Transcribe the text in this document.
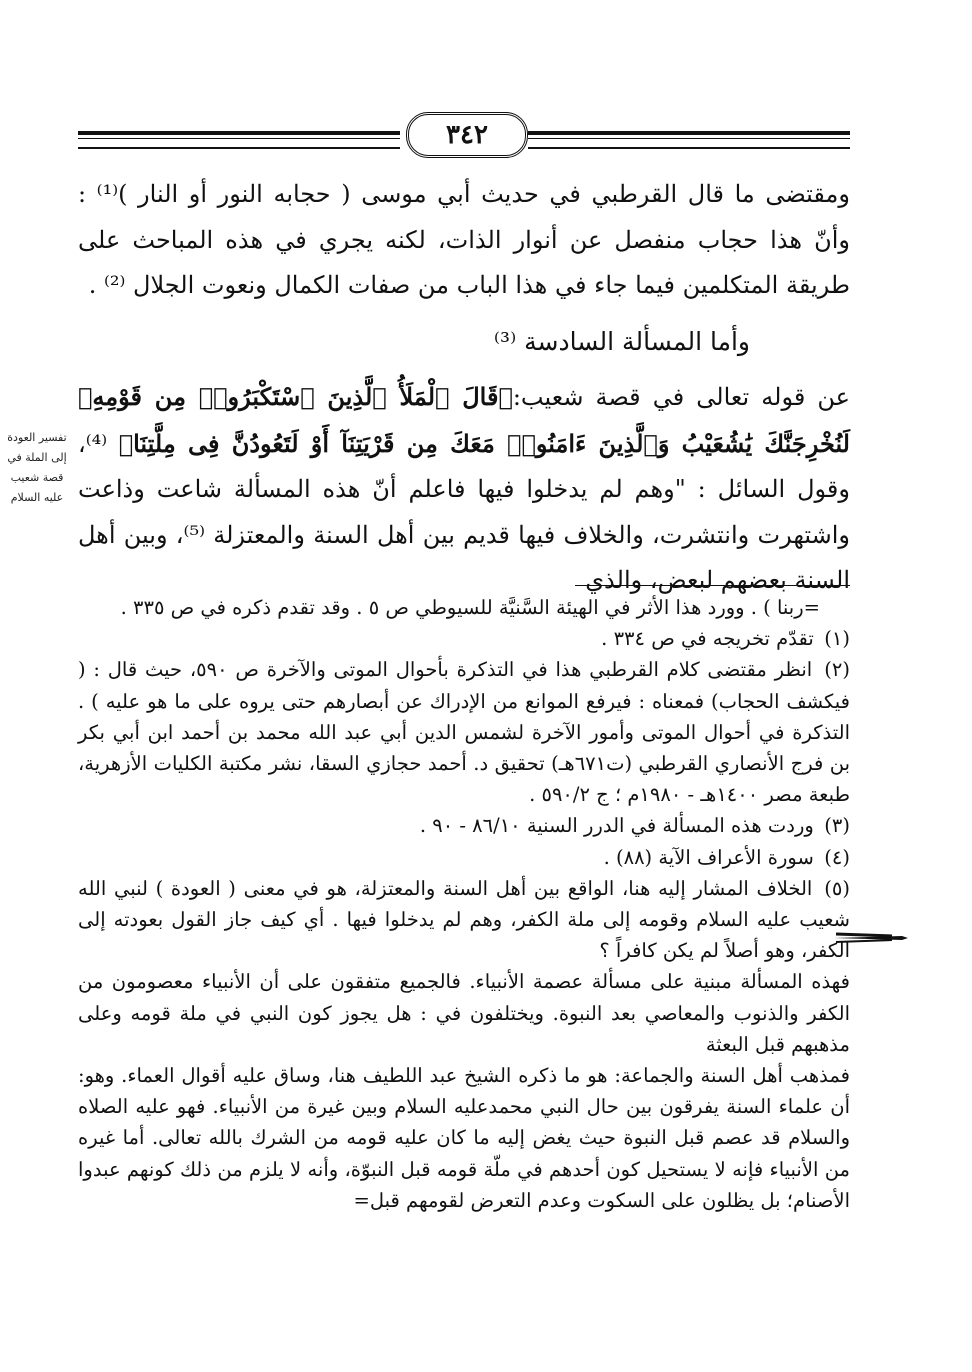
٣٤٢

ومقتضى ما قال القرطبي في حديث أبي موسى ( حجابه النور أو النار )⁽¹⁾ : وأنّ هذا حجاب منفصل عن أنوار الذات، لكنه يجري في هذه المباحث على طريقة المتكلمين فيما جاء في هذا الباب من صفات الكمال ونعوت الجلال ⁽²⁾ .

وأما المسألة السادسة ⁽³⁾

عن قوله تعالى في قصة شعيب:﴿قَالَ ٱلْمَلَأُ ٱلَّذِينَ ٱسْتَكْبَرُوا۟ مِن قَوْمِهِۦ لَنُخْرِجَنَّكَ يَٰشُعَيْبُ وَٱلَّذِينَ ءَامَنُوا۟ مَعَكَ مِن قَرْيَتِنَآ أَوْ لَتَعُودُنَّ فِى مِلَّتِنَا﴾ ⁽⁴⁾، وقول السائل : "وهم لم يدخلوا فيها فاعلم أنّ هذه المسألة شاعت وذاعت واشتهرت وانتشرت، والخلاف فيها قديم بين أهل السنة والمعتزلة ⁽⁵⁾، وبين أهل السنة بعضهم لبعض، والذي

تفسير العودة إلى الملة في قصة شعيب عليه السلام

=ربنا ) . وورد هذا الأثر في الهيئة السَّنيَّة للسيوطي ص ٥ . وقد تقدم ذكره في ص ٣٣٥ .

(١) تقدّم تخريجه في ص ٣٣٤ .

(٢) انظر مقتضى كلام القرطبي هذا في التذكرة بأحوال الموتى والآخرة ص ٥٩٠، حيث قال : ( فيكشف الحجاب) فمعناه : فيرفع الموانع من الإدراك عن أبصارهم حتى يروه على ما هو عليه ) . التذكرة في أحوال الموتى وأمور الآخرة لشمس الدين أبي عبد الله محمد بن أحمد ابن أبي بكر بن فرج الأنصاري القرطبي (ت٦٧١هـ) تحقيق د. أحمد حجازي السقا، نشر مكتبة الكليات الأزهرية، طبعة مصر ١٤٠٠هـ - ١٩٨٠م ؛ ج ٥٩٠/٢ .

(٣) وردت هذه المسألة في الدرر السنية ٨٦/١٠ - ٩٠ .

(٤) سورة الأعراف الآية (٨٨) .

(٥) الخلاف المشار إليه هنا، الواقع بين أهل السنة والمعتزلة، هو في معنى ( العودة ) لنبي الله شعيب عليه السلام وقومه إلى ملة الكفر، وهم لم يدخلوا فيها . أي كيف جاز القول بعودته إلى الكفر، وهو أصلاً لم يكن كافراً ؟

فهذه المسألة مبنية على مسألة عصمة الأنبياء. فالجميع متفقون على أن الأنبياء معصومون من الكفر والذنوب والمعاصي بعد النبوة. ويختلفون في : هل يجوز كون النبي في ملة قومه وعلى مذهبهم قبل البعثة

فمذهب أهل السنة والجماعة: هو ما ذكره الشيخ عبد اللطيف هنا، وساق عليه أقوال العماء. وهو: أن علماء السنة يفرقون بين حال النبي محمدعليه السلام وبين غيرة من الأنبياء. فهو عليه الصلاه والسلام قد عصم قبل النبوة حيث يغض إليه ما كان عليه قومه من الشرك بالله تعالى. أما غيره من الأنبياء فإنه لا يستحيل كون أحدهم في ملّة قومه قبل النبوّة، وأنه لا يلزم من ذلك كونهم عبدوا الأصنام؛ بل يظلون على السكوت وعدم التعرض لقومهم قبل=
